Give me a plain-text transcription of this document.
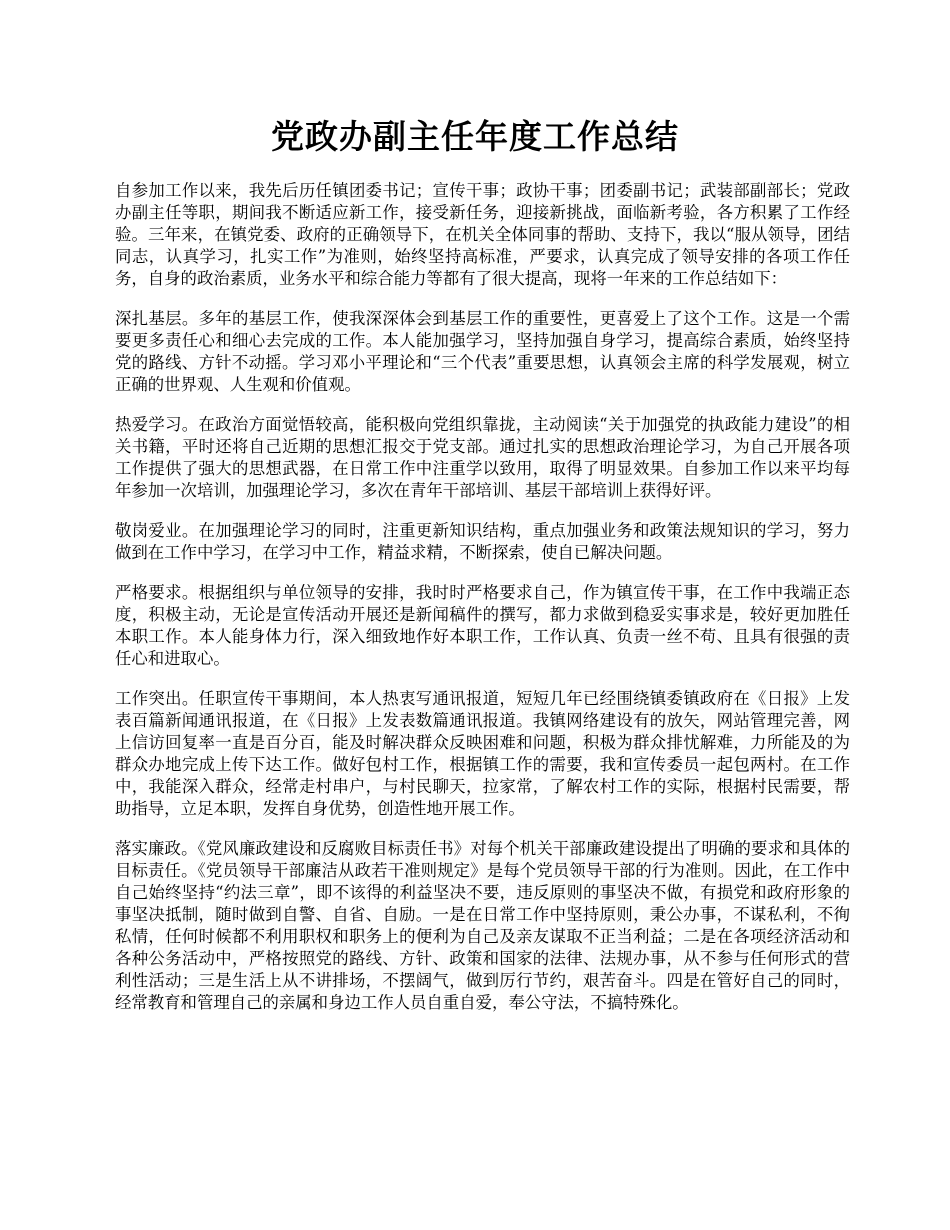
党政办副主任年度工作总结

自参加工作以来，我先后历任镇团委书记；宣传干事；政协干事；团委副书记；武装部副部长；党政办副主任等职，期间我不断适应新工作，接受新任务，迎接新挑战，面临新考验，各方积累了工作经验。三年来，在镇党委、政府的正确领导下，在机关全体同事的帮助、支持下，我以“服从领导，团结同志，认真学习，扎实工作”为准则，始终坚持高标准，严要求，认真完成了领导安排的各项工作任务，自身的政治素质，业务水平和综合能力等都有了很大提高，现将一年来的工作总结如下：

深扎基层。多年的基层工作，使我深深体会到基层工作的重要性，更喜爱上了这个工作。这是一个需要更多责任心和细心去完成的工作。本人能加强学习，坚持加强自身学习，提高综合素质，始终坚持党的路线、方针不动摇。学习邓小平理论和“三个代表”重要思想，认真领会主席的科学发展观，树立正确的世界观、人生观和价值观。

热爱学习。在政治方面觉悟较高，能积极向党组织靠拢，主动阅读“关于加强党的执政能力建设”的相关书籍，平时还将自己近期的思想汇报交于党支部。通过扎实的思想政治理论学习，为自己开展各项工作提供了强大的思想武器，在日常工作中注重学以致用，取得了明显效果。自参加工作以来平均每年参加一次培训，加强理论学习，多次在青年干部培训、基层干部培训上获得好评。

敬岗爱业。在加强理论学习的同时，注重更新知识结构，重点加强业务和政策法规知识的学习，努力做到在工作中学习，在学习中工作，精益求精，不断探索，使自已解决问题。

严格要求。根据组织与单位领导的安排，我时时严格要求自己，作为镇宣传干事，在工作中我端正态度，积极主动，无论是宣传活动开展还是新闻稿件的撰写，都力求做到稳妥实事求是，较好更加胜任本职工作。本人能身体力行，深入细致地作好本职工作，工作认真、负责一丝不苟、且具有很强的责任心和进取心。

工作突出。任职宣传干事期间，本人热衷写通讯报道，短短几年已经围绕镇委镇政府在《日报》上发表百篇新闻通讯报道，在《日报》上发表数篇通讯报道。我镇网络建设有的放矢，网站管理完善，网上信访回复率一直是百分百，能及时解决群众反映困难和问题，积极为群众排忧解难，力所能及的为群众办地完成上传下达工作。做好包村工作，根据镇工作的需要，我和宣传委员一起包两村。在工作中，我能深入群众，经常走村串户，与村民聊天，拉家常，了解农村工作的实际，根据村民需要，帮助指导，立足本职，发挥自身优势，创造性地开展工作。

落实廉政。《党风廉政建设和反腐败目标责任书》对每个机关干部廉政建设提出了明确的要求和具体的目标责任。《党员领导干部廉洁从政若干准则规定》是每个党员领导干部的行为准则。因此，在工作中自己始终坚持“约法三章”，即不该得的利益坚决不要，违反原则的事坚决不做，有损党和政府形象的事坚决抵制，随时做到自警、自省、自励。一是在日常工作中坚持原则，秉公办事，不谋私利，不徇私情，任何时候都不利用职权和职务上的便利为自己及亲友谋取不正当利益；二是在各项经济活动和各种公务活动中，严格按照党的路线、方针、政策和国家的法律、法规办事，从不参与任何形式的营利性活动；三是生活上从不讲排场，不摆阔气，做到厉行节约，艰苦奋斗。四是在管好自己的同时，经常教育和管理自己的亲属和身边工作人员自重自爱，奉公守法，不搞特殊化。
